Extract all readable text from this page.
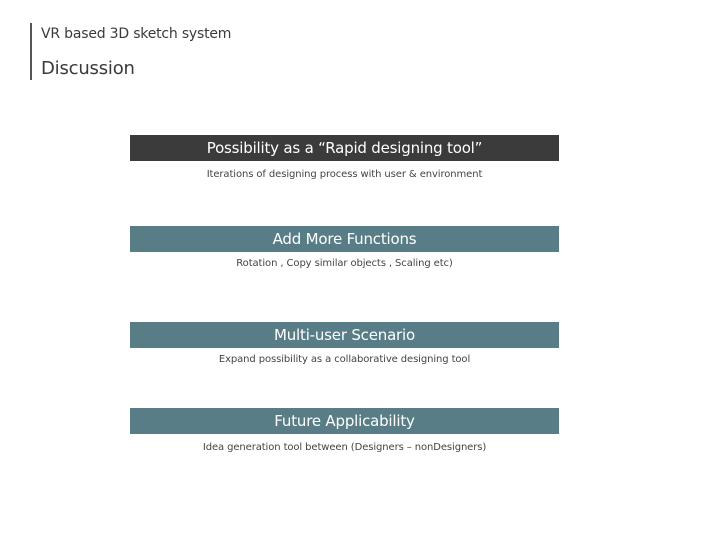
VR based 3D sketch system
Discussion
Possibility as a “Rapid designing tool”
Iterations of designing process with user & environment
Add More Functions
Rotation , Copy similar objects , Scaling etc)
Multi-user Scenario
Expand possibility as a collaborative designing tool
Future Applicability
Idea generation tool between (Designers – nonDesigners)
